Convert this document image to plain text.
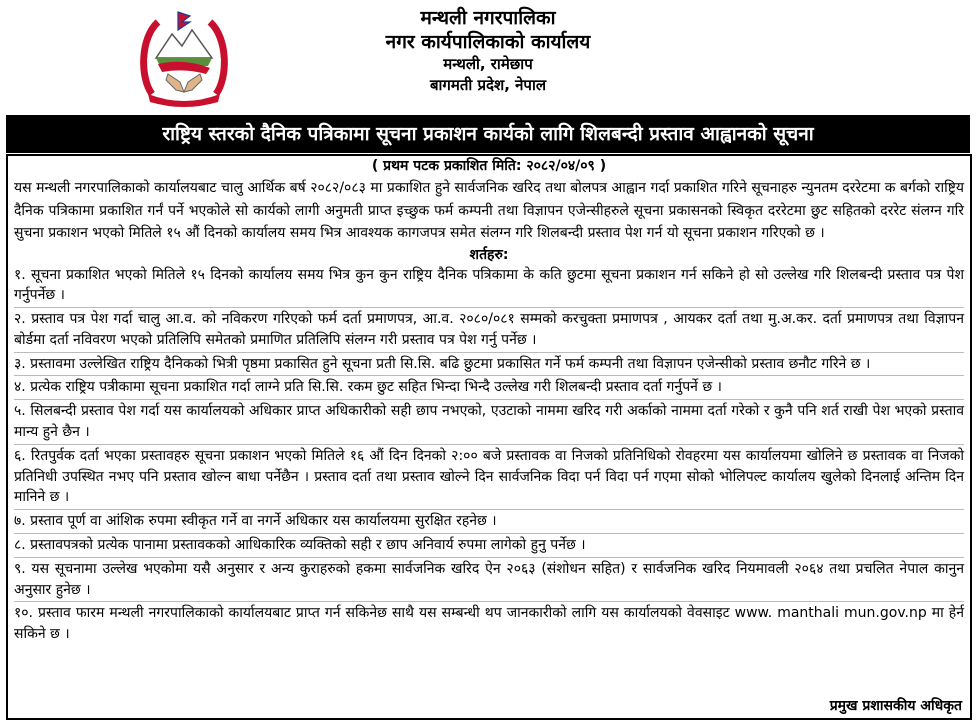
मन्थली नगरपालिका
नगर कार्यपालिकाको कार्यालय
मन्थली, रामेछाप
बागमती प्रदेश, नेपाल
राष्ट्रिय स्तरको दैनिक पत्रिकामा सूचना प्रकाशन कार्यको लागि शिलबन्दी प्रस्ताव आह्वानको सूचना
( प्रथम पटक प्रकाशित मिति: २०८२/०४/०९ )
यस मन्थली नगरपालिकाको कार्यालयबाट चालु आर्थिक बर्ष २०८२/०८३ मा प्रकाशित हुने सार्वजनिक खरिद तथा बोलपत्र आह्वान गर्दा प्रकाशित गरिने सूचनाहरु न्युनतम दररेटमा क बर्गको राष्ट्रिय दैनिक पत्रिकामा प्रकाशित गर्नं पर्ने भएकोले सो कार्यको लागी अनुमती प्राप्त इच्छुक फर्म कम्पनी तथा विज्ञापन एजेन्सीहरुले सूचना प्रकासनको स्विकृत दररेटमा छुट सहितको दररेट संलग्न गरि सुचना प्रकाशन भएको मितिले १५ औं दिनको कार्यालय समय भित्र आवश्यक कागजपत्र समेत संलग्न गरि शिलबन्दी प्रस्ताव पेश गर्न यो सूचना प्रकाशन गरिएको छ ।
शर्तहरु:
१. सूचना प्रकाशित भएको मितिले १५ दिनको कार्यालय समय भित्र कुन कुन राष्ट्रिय दैनिक पत्रिकामा के कति छुटमा सूचना प्रकाशन गर्न सकिने हो सो उल्लेख गरि शिलबन्दी प्रस्ताव पत्र पेश गर्नुपर्नेछ ।
२. प्रस्ताव पत्र पेश गर्दा चालु आ.व. को नविकरण गरिएको फर्म दर्ता प्रमाणपत्र, आ.व. २०८०/०८१ सम्मको करचुक्ता प्रमाणपत्र , आयकर दर्ता तथा मु.अ.कर. दर्ता प्रमाणपत्र तथा विज्ञापन बोर्डमा दर्ता नविवरण भएको प्रतिलिपि समेतको प्रमाणित प्रतिलिपि संलग्न गरी प्रस्ताव पत्र पेश गर्नु पर्नेछ ।
३. प्रस्तावमा उल्लेखित राष्ट्रिय दैनिकको भित्री पृष्ठमा प्रकासित हुने सूचना प्रती सि.सि. बढि छुटमा प्रकासित गर्ने फर्म कम्पनी तथा विज्ञापन एजेन्सीको प्रस्ताव छनौट गरिने छ ।
४. प्रत्येक राष्ट्रिय पत्रीकामा सूचना प्रकाशित गर्दा लाग्ने प्रति सि.सि. रकम छुट सहित भिन्दा भिन्दै उल्लेख गरी शिलबन्दी प्रस्ताव दर्ता गर्नुपर्ने छ ।
५. सिलबन्दी प्रस्ताव पेश गर्दा यस कार्यालयको अधिकार प्राप्त अधिकारीको सही छाप नभएको, एउटाको नाममा खरिद गरी अर्काको नाममा दर्ता गरेको र कुनै पनि शर्त राखी पेश भएको प्रस्ताव मान्य हुने छैन ।
६. रितपुर्वक दर्ता भएका प्रस्तावहरु सूचना प्रकाशन भएको मितिले १६ औं दिन दिनको २:०० बजे प्रस्तावक वा निजको प्रतिनिधिको रोवहरमा यस कार्यालयमा खोलिने छ प्रस्तावक वा निजको प्रतिनिधी उपस्थित नभए पनि प्रस्ताव खोल्न बाधा पर्नेछैन । प्रस्ताव दर्ता तथा प्रस्ताव खोल्ने दिन सार्वजनिक विदा पर्न विदा पर्न गएमा सोको भोलिपल्ट कार्यालय खुलेको दिनलाई अन्तिम दिन मानिने छ ।
७. प्रस्ताव पूर्ण वा आंशिक रुपमा स्वीकृत गर्ने वा नगर्ने अधिकार यस कार्यालयमा सुरक्षित रहनेछ ।
८. प्रस्तावपत्रको प्रत्येक पानामा प्रस्तावकको आधिकारिक व्यक्तिको सही र छाप अनिवार्य रुपमा लागेको हुनु पर्नेछ ।
९. यस सूचनामा उल्लेख भएकोमा यसै अनुसार र अन्य कुराहरुको हकमा सार्वजनिक खरिद ऐन २०६३ (संशोधन सहित) र सार्वजनिक खरिद नियमावली २०६४ तथा प्रचलित नेपाल कानुन अनुसार हुनेछ ।
१०. प्रस्ताव फारम मन्थली नगरपालिकाको कार्यालयबाट प्राप्त गर्न सकिनेछ साथै यस सम्बन्धी थप जानकारीको लागि यस कार्यालयको वेवसाइट www. manthali mun.gov.np मा हेर्न सकिने छ ।
प्रमुख प्रशासकीय अधिकृत
